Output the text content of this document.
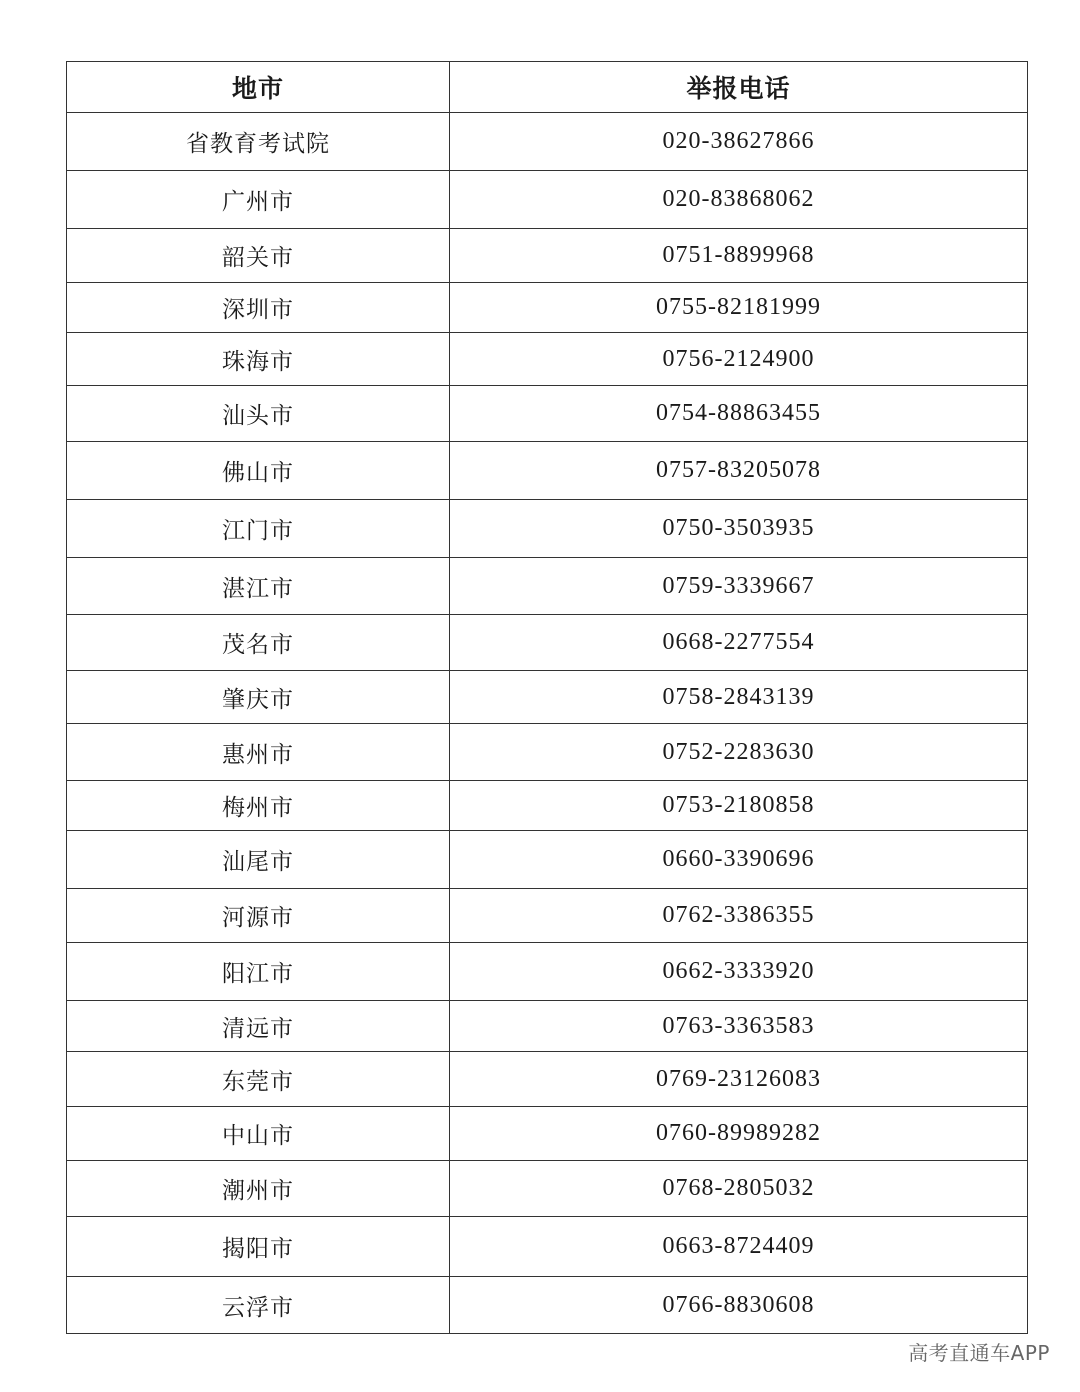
地市	举报电话
省教育考试院	020-38627866
广州市	020-83868062
韶关市	0751-8899968
深圳市	0755-82181999
珠海市	0756-2124900
汕头市	0754-88863455
佛山市	0757-83205078
江门市	0750-3503935
湛江市	0759-3339667
茂名市	0668-2277554
肇庆市	0758-2843139
惠州市	0752-2283630
梅州市	0753-2180858
汕尾市	0660-3390696
河源市	0762-3386355
阳江市	0662-3333920
清远市	0763-3363583
东莞市	0769-23126083
中山市	0760-89989282
潮州市	0768-2805032
揭阳市	0663-8724409
云浮市	0766-8830608
高考直通车APP
